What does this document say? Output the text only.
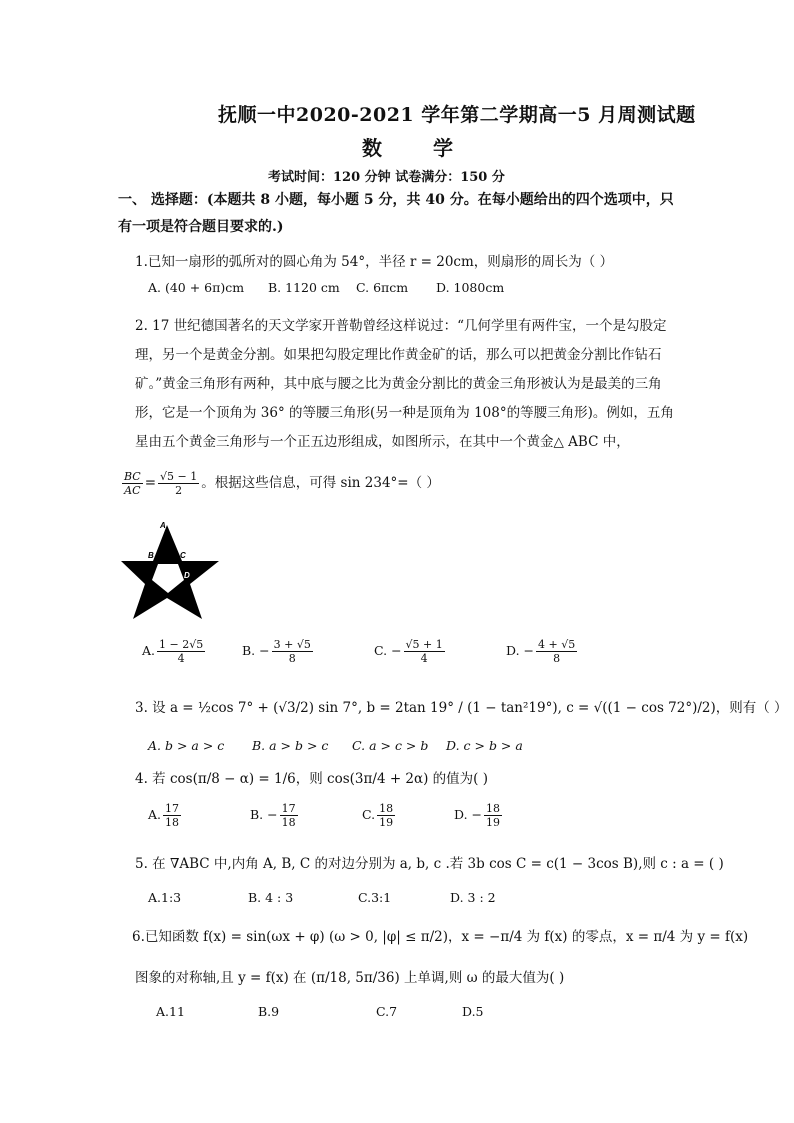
抚顺一中2020-2021 学年第二学期高一5 月周测试题
数 学
考试时间：120 分钟 试卷满分：150 分
一、 选择题：(本题共 8 小题，每小题 5 分，共 40 分。在每小题给出的四个选项中，只有一项是符合题目要求的.)
1.已知一扇形的弧所对的圆心角为 54°，半径 r = 20cm，则扇形的周长为（ ）
A. (40 + 6π)cm B. 1120 cm C. 6πcm D. 1080cm
2. 17 世纪德国著名的天文学家开普勒曾经这样说过：“几何学里有两件宝，一个是勾股定理，另一个是黄金分割。如果把勾股定理比作黄金矿的话，那么可以把黄金分割比作钻石矿。”黄金三角形有两种，其中底与腰之比为黄金分割比的黄金三角形被认为是最美的三角形，它是一个顶角为 36° 的等腰三角形(另一种是顶角为 108°的等腰三角形)。例如，五角星由五个黄金三角形与一个正五边形组成，如图所示，在其中一个黄金△ ABC 中，
$\frac{BC}{AC} = \frac{√5 - 1}{2}$ 。根据这些信息，可得 sin 234°=（ ）
A
B	C
D
A. $\frac{1 - 2√5}{4}$	B. − $\frac{3 + √5}{8}$	C. − $\frac{√5 + 1}{4}$	D. − $\frac{4 + √5}{8}$
3. 设 a = ½cos 7° + (√3/2) sin 7°, b = 2tan 19° / (1 − tan²19°), c = √((1 − cos 72°)/2)，则有（ ）
A. b > a > c B. a > b > c C. a > c > b D. c > b > a
4. 若 cos(π/8 − α) = 1/6，则 cos(3π/4 + 2α) 的值为( )
A. $\frac{17}{18}$	B. − $\frac{17}{18}$	C. $\frac{18}{19}$	D. − $\frac{18}{19}$
5. 在 ∇ABC 中,内角 A, B, C 的对边分别为 a, b, c .若 3b cos C = c(1 − 3cos B),则 c : a = ( )
A.1:3	B. 4 : 3	C.3:1	D. 3 : 2
6.已知函数 f(x) = sin(ωx + φ) (ω > 0, |φ| ≤ π/2)，x = −π/4 为 f(x) 的零点，x = π/4 为 y = f(x)
图象的对称轴,且 y = f(x) 在 (π/18, 5π/36) 上单调,则 ω 的最大值为( )
A.11	B.9	C.7	D.5
